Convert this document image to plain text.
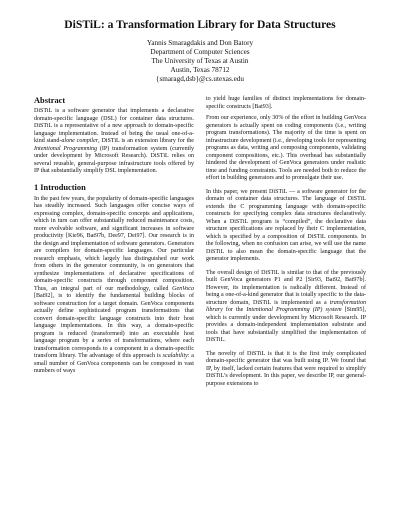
DiSTiL: a Transformation Library for Data Structures
Yannis Smaragdakis and Don Batory
Department of Computer Sciences
The University of Texas at Austin
Austin, Texas 78712
{smaragd,dsb}@cs.utexas.edu
Abstract

DiSTiL is a software generator that implements a declarative domain-specific language (DSL) for container data structures. DiSTiL is a representative of a new approach to domain-specific language implementation. Instead of being the usual one-of-a-kind stand-alone compiler, DiSTiL is an extension library for the Intentional Programming (IP) transformation system (currently under development by Microsoft Research). DiSTiL relies on several reusable, general-purpose infrastructure tools offered by IP that substantially simplify DSL implementation.

1 Introduction

In the past few years, the popularity of domain-specific languages has steadily increased. Such languages offer concise ways of expressing complex, domain-specific concepts and applications, which in turn can offer substantially reduced maintenance costs, more evolvable software, and significant increases in software productivity [Kie96, Bat97b, Dee97, Dei97]. Our research is in the design and implementation of software generators. Generators are compilers for domain-specific languages. Our particular research emphasis, which largely has distinguished our work from others in the generator community, is on generators that synthesize implementations of declarative specifications of domain-specific constructs through component composition. Thus, an integral part of our methodology, called GenVoca [Bat92], is to identify the fundamental building blocks of software construction for a target domain. GenVoca components actually define sophisticated program transformations that convert domain-specific language constructs into their host language implementations. In this way, a domain-specific program is reduced (transformed) into an executable host language program by a series of transformations, where each transformation corresponds to a component in a domain-specific transform library. The advantage of this approach is scalability: a small number of GenVoca components can be composed in vast numbers of ways

to yield huge families of distinct implementations for domain-specific constructs [Bat93].

From our experience, only 30% of the effort in building GenVoca generators is actually spent on coding components (i.e., writing program transformations). The majority of the time is spent on infrastructure development (i.e., developing tools for representing programs as data, writing and composing components, validating component compositions, etc.). This overhead has substantially hindered the development of GenVoca generators under realistic time and funding constraints. Tools are needed both to reduce the effort in building generators and to promulgate their use.

In this paper, we present DiSTiL — a software generator for the domain of container data structures. The language of DiSTiL extends the C programming language with domain-specific constructs for specifying complex data structures declaratively. When a DiSTiL program is “compiled”, the declarative data structure specifications are replaced by their C implementation, which is specified by a composition of DiSTiL components. In the following, when no confusion can arise, we will use the name DiSTiL to also mean the domain-specific language that the generator implements.

The overall design of DiSTiL is similar to that of the previously built GenVoca generators P1 and P2 [Sir93, Bat92, Bat97b]. However, its implementation is radically different. Instead of being a one-of-a-kind generator that is totally specific to the data-structure domain, DiSTiL is implemented as a transformation library for the Intentional Programming (IP) system [Sim95], which is currently under development by Microsoft Research. IP provides a domain-independent implementation substrate and tools that have substantially simplified the implementation of DiSTiL.

The novelty of DiSTiL is that it is the first truly complicated domain-specific generator that was built using IP. We found that IP, by itself, lacked certain features that were required to simplify DiSTiL’s development. In this paper, we describe IP, our general-purpose extensions to
